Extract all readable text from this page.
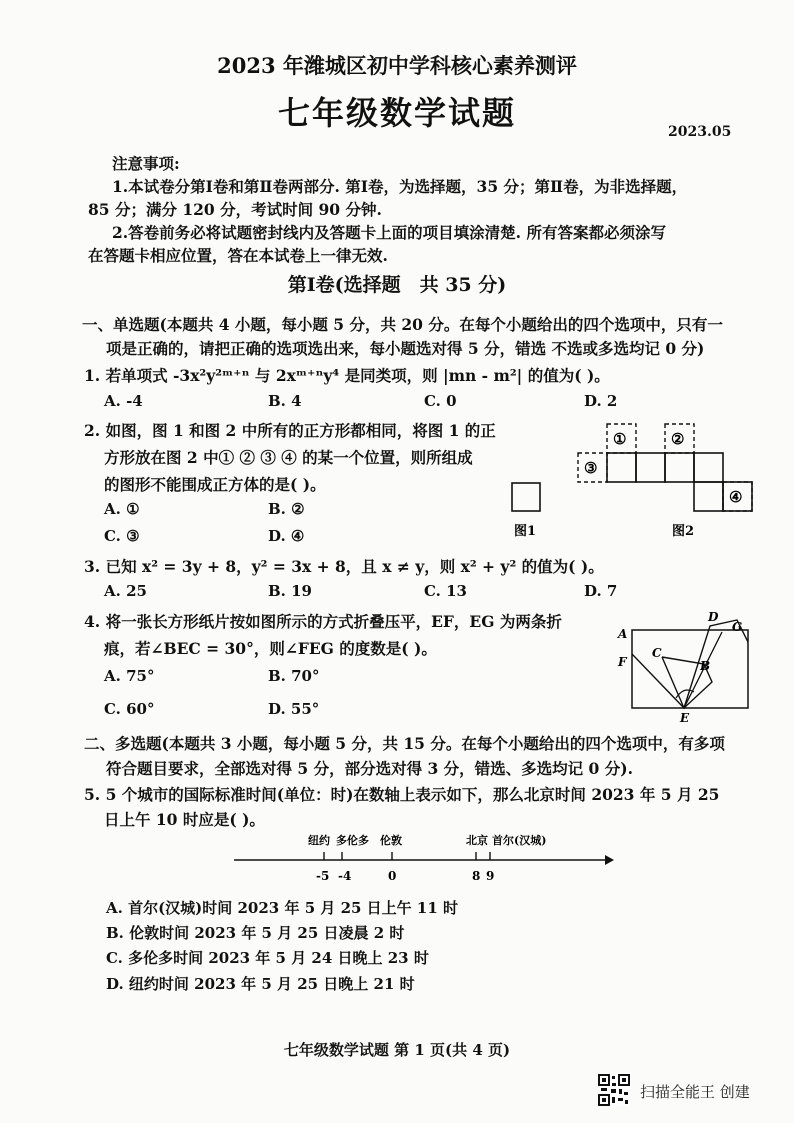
2023 年潍城区初中学科核心素养测评
七年级数学试题	2023.05
注意事项:
1.本试卷分第Ⅰ卷和第Ⅱ卷两部分. 第Ⅰ卷，为选择题，35 分；第Ⅱ卷，为非选择题，
85 分；满分 120 分，考试时间 90 分钟.
2.答卷前务必将试题密封线内及答题卡上面的项目填涂清楚. 所有答案都必须涂写
在答题卡相应位置，答在本试卷上一律无效.
第Ⅰ卷(选择题　共 35 分)
一、单选题(本题共 4 小题，每小题 5 分，共 20 分。在每个小题给出的四个选项中，只有一
项是正确的，请把正确的选项选出来，每小题选对得 5 分，错选 不选或多选均记 0 分)
1. 若单项式 -3x²y²ᵐ⁺ⁿ 与 2xᵐ⁺ⁿy⁴ 是同类项，则 |mn - m²| 的值为( )。
A. -4	B. 4	C. 0	D. 2
2. 如图，图 1 和图 2 中所有的正方形都相同，将图 1 的正
方形放在图 2 中① ② ③ ④ 的某一个位置，则所组成
的图形不能围成正方体的是( )。
A. ①	B. ②
C. ③	D. ④	图1
①	②
③
④
图2
3. 已知 x² = 3y + 8，y² = 3x + 8，且 x ≠ y，则 x² + y² 的值为( )。
A. 25	B. 19	C. 13	D. 7
4. 将一张长方形纸片按如图所示的方式折叠压平，EF，EG 为两条折
痕，若∠BEC = 30°，则∠FEG 的度数是( )。
A. 75°	B. 70°
C. 60°	D. 55°
A
D
G
F
C
B
E
二、多选题(本题共 3 小题，每小题 5 分，共 15 分。在每个小题给出的四个选项中，有多项
符合题目要求，全部选对得 5 分，部分选对得 3 分，错选、多选均记 0 分).
5. 5 个城市的国际标准时间(单位：时)在数轴上表示如下，那么北京时间 2023 年 5 月 25
日上午 10 时应是( )。
纽约 多伦多 伦敦	北京 首尔(汉城)
-5 -4	0	8 9
A. 首尔(汉城)时间 2023 年 5 月 25 日上午 11 时
B. 伦敦时间 2023 年 5 月 25 日凌晨 2 时
C. 多伦多时间 2023 年 5 月 24 日晚上 23 时
D. 纽约时间 2023 年 5 月 25 日晚上 21 时
七年级数学试题 第 1 页(共 4 页)
扫描全能王 创建
